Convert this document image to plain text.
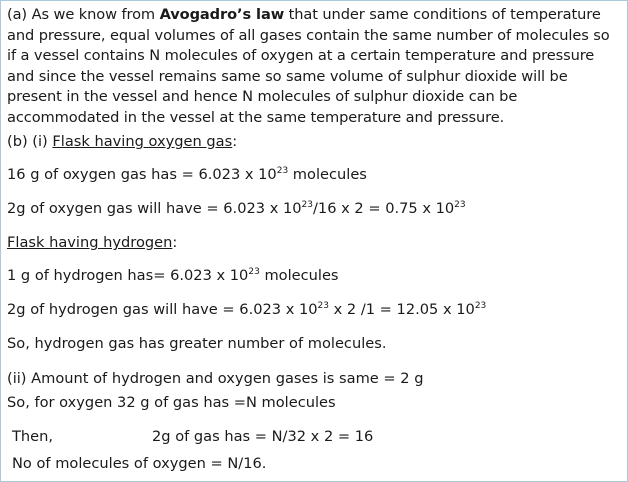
(a) As we know from Avogadro’s law that under same conditions of temperature and pressure, equal volumes of all gases contain the same number of molecules so if a vessel contains N molecules of oxygen at a certain temperature and pressure and since the vessel remains same so same volume of sulphur dioxide will be present in the vessel and hence N molecules of sulphur dioxide can be accommodated in the vessel at the same temperature and pressure.
(b) (i) Flask having oxygen gas:
16 g of oxygen gas has = 6.023 x $10^{23}$ molecules
2g of oxygen gas will have = 6.023 x $10^{23}/16$ x 2 = 0.75 x $10^{23}$
Flask having hydrogen:
1 g of hydrogen has= 6.023 x $10^{23}$ molecules
2g of hydrogen gas will have = 6.023 x $10^{23}$ x 2 /1 = 12.05 x $10^{23}$
So, hydrogen gas has greater number of molecules.
(ii) Amount of hydrogen and oxygen gases is same = 2 g
So, for oxygen 32 g of gas has =N molecules
Then,	2g of gas has = N/32 x 2 = 16
No of molecules of oxygen = N/16.
